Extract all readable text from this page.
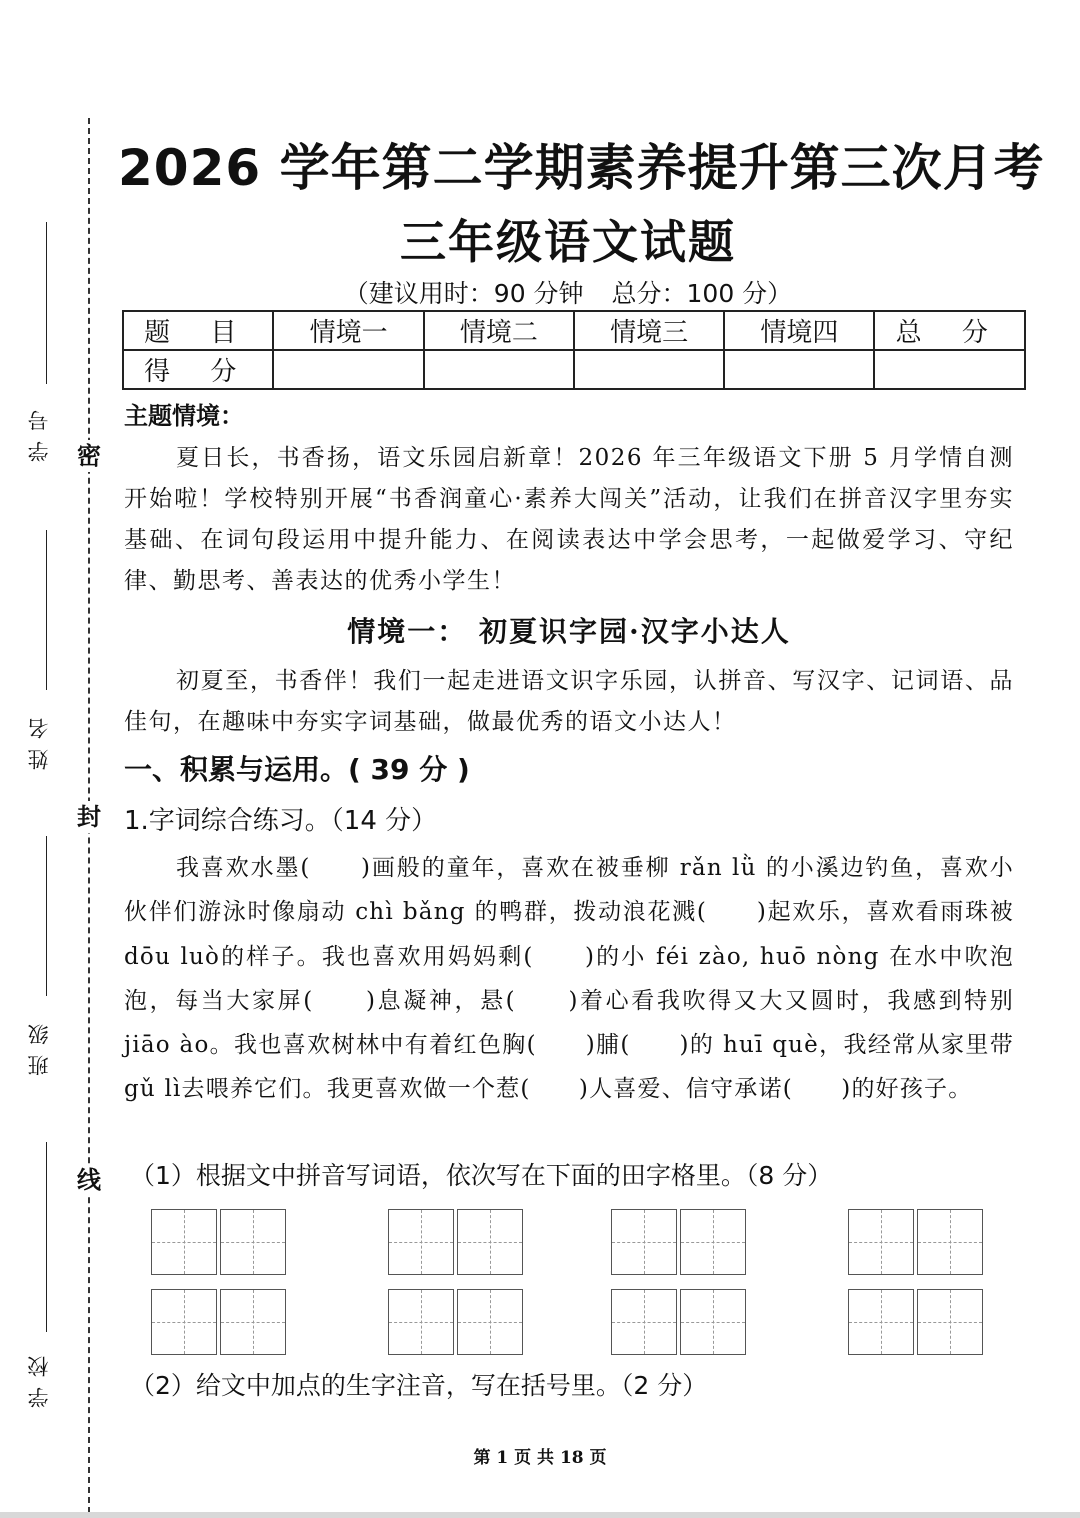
密
封
线
学号
姓名
班级
学校
2026 学年第二学期素养提升第三次月考
三年级语文试题
（建议用时：90 分钟 总分：100 分）
题 目	情境一	情境二	情境三	情境四	总 分
得 分					
主题情境：
夏日长，书香扬，语文乐园启新章！2026 年三年级语文下册 5 月学情自测开始啦！学校特别开展“书香润童心·素养大闯关”活动，让我们在拼音汉字里夯实基础、在词句段运用中提升能力、在阅读表达中学会思考，一起做爱学习、守纪律、勤思考、善表达的优秀小学生！
情境一： 初夏识字园·汉字小达人
初夏至，书香伴！我们一起走进语文识字乐园，认拼音、写汉字、记词语、品佳句，在趣味中夯实字词基础，做最优秀的语文小达人！
一、积累与运用。( 39 分 )
1.字词综合练习。（14 分）
我喜欢水墨(　　)画般的童年，喜欢在被垂柳 rǎn lǜ 的小溪边钓鱼，喜欢小伙伴们游泳时像扇动 chì bǎng 的鸭群，拨动浪花溅(　　)起欢乐，喜欢看雨珠被 dōu luò的样子。我也喜欢用妈妈剩(　　)的小 féi zào, huō nòng 在水中吹泡泡，每当大家屏(　　)息凝神，悬(　　)着心看我吹得又大又圆时，我感到特别 jiāo ào。我也喜欢树林中有着红色胸(　　)脯(　　)的 huī què，我经常从家里带 gǔ lì去喂养它们。我更喜欢做一个惹(　　)人喜爱、信守承诺(　　)的好孩子。
（1）根据文中拼音写词语，依次写在下面的田字格里。（8 分）
（2）给文中加点的生字注音，写在括号里。（2 分）
第 1 页 共 18 页
